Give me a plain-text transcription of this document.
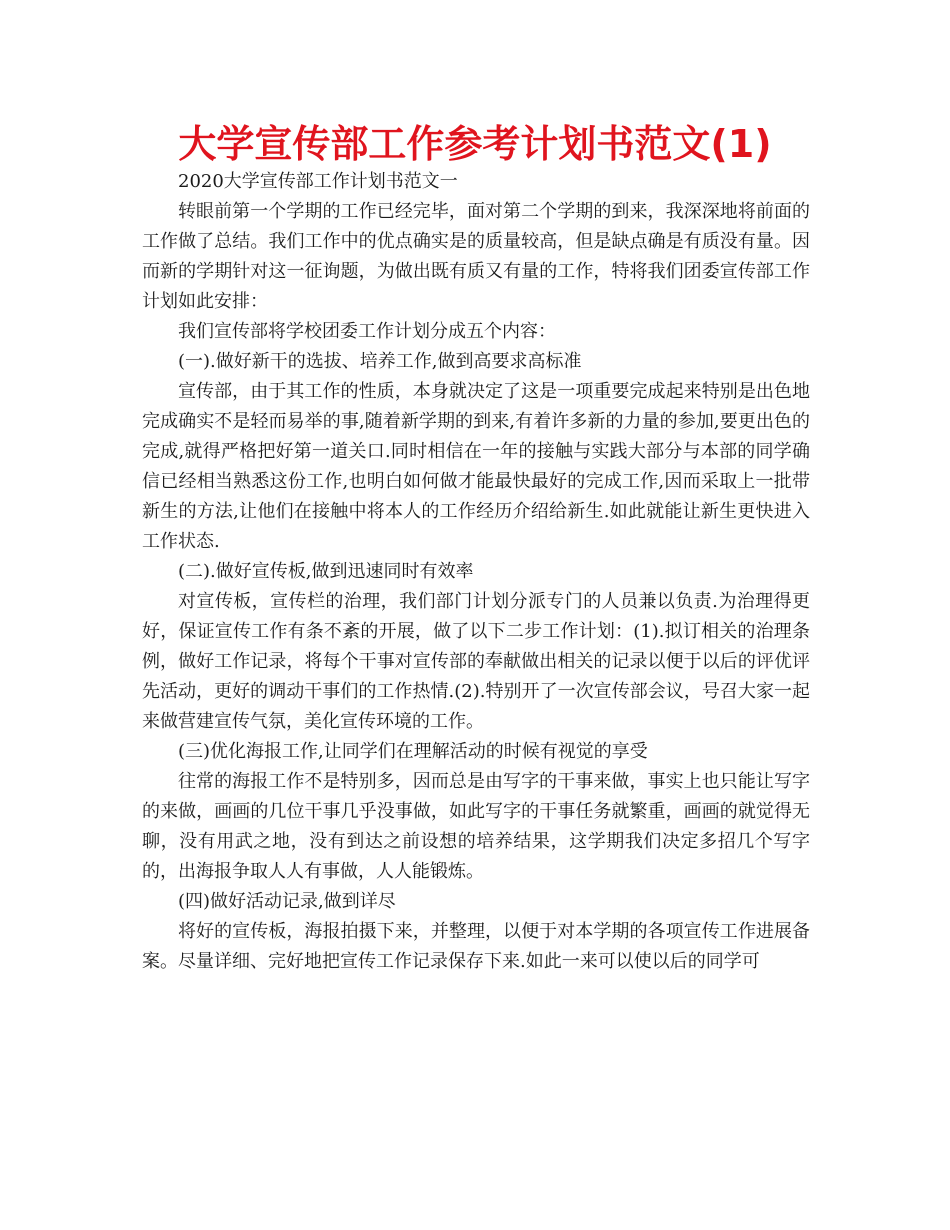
大学宣传部工作参考计划书范文(1)

2020大学宣传部工作计划书范文一

转眼前第一个学期的工作已经完毕，面对第二个学期的到来，我深深地将前面的工作做了总结。我们工作中的优点确实是的质量较高，但是缺点确是有质没有量。因而新的学期针对这一征询题，为做出既有质又有量的工作，特将我们团委宣传部工作计划如此安排：

我们宣传部将学校团委工作计划分成五个内容：

(一).做好新干的选拔、培养工作,做到高要求高标准

宣传部，由于其工作的性质，本身就决定了这是一项重要完成起来特别是出色地完成确实不是轻而易举的事,随着新学期的到来,有着许多新的力量的参加,要更出色的完成,就得严格把好第一道关口.同时相信在一年的接触与实践大部分与本部的同学确信已经相当熟悉这份工作,也明白如何做才能最快最好的完成工作,因而采取上一批带新生的方法,让他们在接触中将本人的工作经历介绍给新生.如此就能让新生更快进入工作状态.

(二).做好宣传板,做到迅速同时有效率

对宣传板，宣传栏的治理，我们部门计划分派专门的人员兼以负责.为治理得更好，保证宣传工作有条不紊的开展，做了以下二步工作计划：(1).拟订相关的治理条例，做好工作记录，将每个干事对宣传部的奉献做出相关的记录以便于以后的评优评先活动，更好的调动干事们的工作热情.(2).特别开了一次宣传部会议，号召大家一起来做营建宣传气氛，美化宣传环境的工作。

(三)优化海报工作,让同学们在理解活动的时候有视觉的享受

往常的海报工作不是特别多，因而总是由写字的干事来做，事实上也只能让写字的来做，画画的几位干事几乎没事做，如此写字的干事任务就繁重，画画的就觉得无聊，没有用武之地，没有到达之前设想的培养结果，这学期我们决定多招几个写字的，出海报争取人人有事做，人人能锻炼。

(四)做好活动记录,做到详尽

将好的宣传板，海报拍摄下来，并整理，以便于对本学期的各项宣传工作进展备案。尽量详细、完好地把宣传工作记录保存下来.如此一来可以使以后的同学可
